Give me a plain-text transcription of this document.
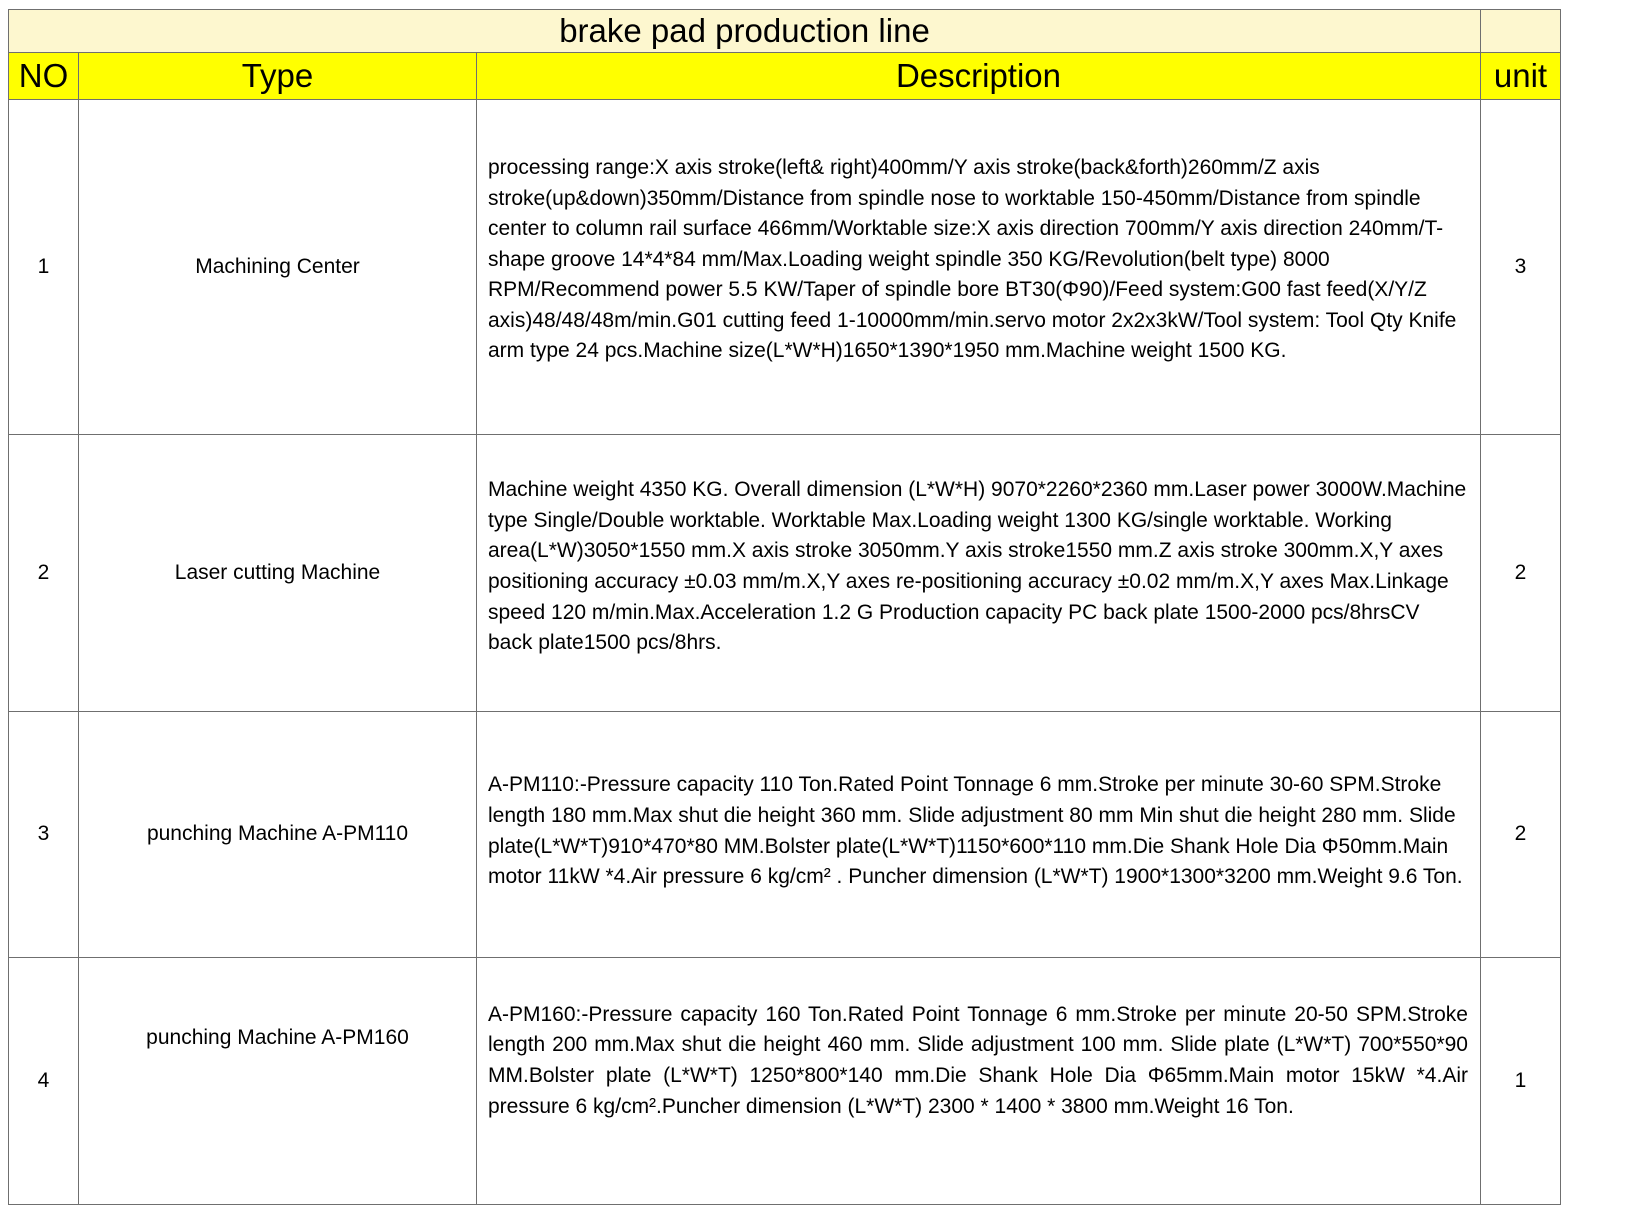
brake pad production line			
NO	Type	Description	unit
1	Machining Center	processing range:X axis stroke(left& right)400mm/Y axis stroke(back&forth)260mm/Z axis stroke(up&down)350mm/Distance from spindle nose to worktable 150-450mm/Distance from spindle center to column rail surface 466mm/Worktable size:X axis direction 700mm/Y axis direction 240mm/T-shape groove 14*4*84 mm/Max.Loading weight spindle 350 KG/Revolution(belt type) 8000 RPM/Recommend power 5.5 KW/Taper of spindle bore BT30(Φ90)/Feed system:G00 fast feed(X/Y/Z axis)48/48/48m/min.G01 cutting feed 1-10000mm/min.servo motor 2x2x3kW/Tool system: Tool Qty Knife arm type 24 pcs.Machine size(L*W*H)1650*1390*1950 mm.Machine weight 1500 KG.	3
2	Laser cutting Machine	Machine weight 4350 KG. Overall dimension (L*W*H) 9070*2260*2360 mm.Laser power 3000W.Machine type Single/Double worktable. Worktable Max.Loading weight 1300 KG/single worktable. Working area(L*W)3050*1550 mm.X axis stroke 3050mm.Y axis stroke1550 mm.Z axis stroke 300mm.X,Y axes positioning accuracy ±0.03 mm/m.X,Y axes re-positioning accuracy ±0.02 mm/m.X,Y axes Max.Linkage speed 120 m/min.Max.Acceleration 1.2 G Production capacity PC back plate 1500-2000 pcs/8hrsCV back plate1500 pcs/8hrs.	2
3	punching Machine A-PM110	A-PM110:-Pressure capacity 110 Ton.Rated Point Tonnage 6 mm.Stroke per minute 30-60 SPM.Stroke length 180 mm.Max shut die height 360 mm. Slide adjustment 80 mm Min shut die height 280 mm. Slide plate(L*W*T)910*470*80 MM.Bolster plate(L*W*T)1150*600*110 mm.Die Shank Hole Dia Φ50mm.Main motor 11kW *4.Air pressure 6 kg/cm² . Puncher dimension (L*W*T) 1900*1300*3200 mm.Weight 9.6 Ton.	2
4	punching Machine A-PM160	A-PM160:-Pressure capacity 160 Ton.Rated Point Tonnage 6 mm.Stroke per minute 20-50 SPM.Stroke length 200 mm.Max shut die height 460 mm. Slide adjustment 100 mm. Slide plate (L*W*T) 700*550*90 MM.Bolster plate (L*W*T) 1250*800*140 mm.Die Shank Hole Dia Φ65mm.Main motor 15kW *4.Air pressure 6 kg/cm².Puncher dimension (L*W*T) 2300 * 1400 * 3800 mm.Weight 16 Ton.	1
